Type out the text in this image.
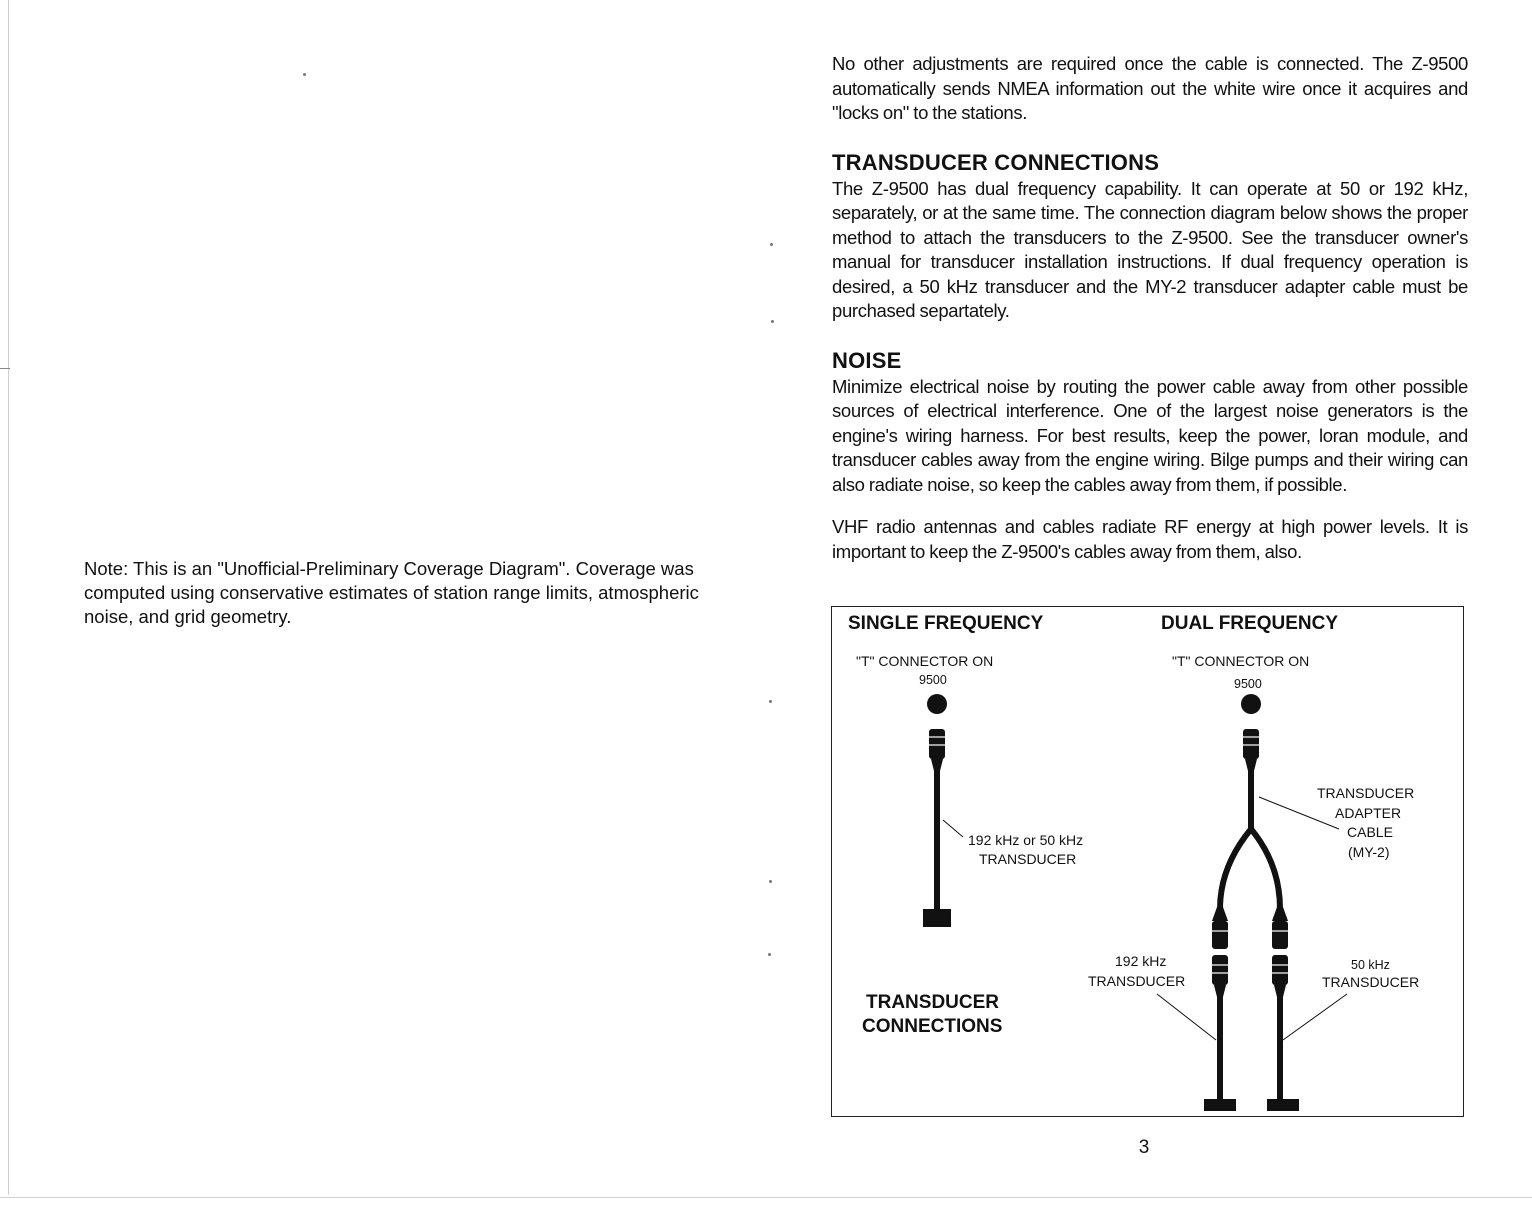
Note: This is an "Unofficial-Preliminary Coverage Diagram". Coverage was computed using conservative estimates of station range limits, atmospheric noise, and grid geometry.

No other adjustments are required once the cable is connected. The Z-9500 automatically sends NMEA information out the white wire once it acquires and "locks on" to the stations.

TRANSDUCER CONNECTIONS

The Z-9500 has dual frequency capability. It can operate at 50 or 192 kHz, separately, or at the same time. The connection diagram below shows the proper method to attach the transducers to the Z-9500. See the transducer owner's manual for transducer installation instructions. If dual frequency operation is desired, a 50 kHz transducer and the MY-2 transducer adapter cable must be purchased separtately.

NOISE

Minimize electrical noise by routing the power cable away from other possible sources of electrical interference. One of the largest noise generators is the engine's wiring harness. For best results, keep the power, loran module, and transducer cables away from the engine wiring. Bilge pumps and their wiring can also radiate noise, so keep the cables away from them, if possible.

VHF radio antennas and cables radiate RF energy at high power levels. It is important to keep the Z-9500's cables away from them, also.

SINGLE FREQUENCY	DUAL FREQUENCY
"T" CONNECTOR ON
9500
192 kHz or 50 kHz
TRANSDUCER
TRANSDUCER
CONNECTIONS
"T" CONNECTOR ON
9500
TRANSDUCER
ADAPTER
CABLE
(MY-2)
192 kHz
TRANSDUCER
50 kHz
TRANSDUCER

3
